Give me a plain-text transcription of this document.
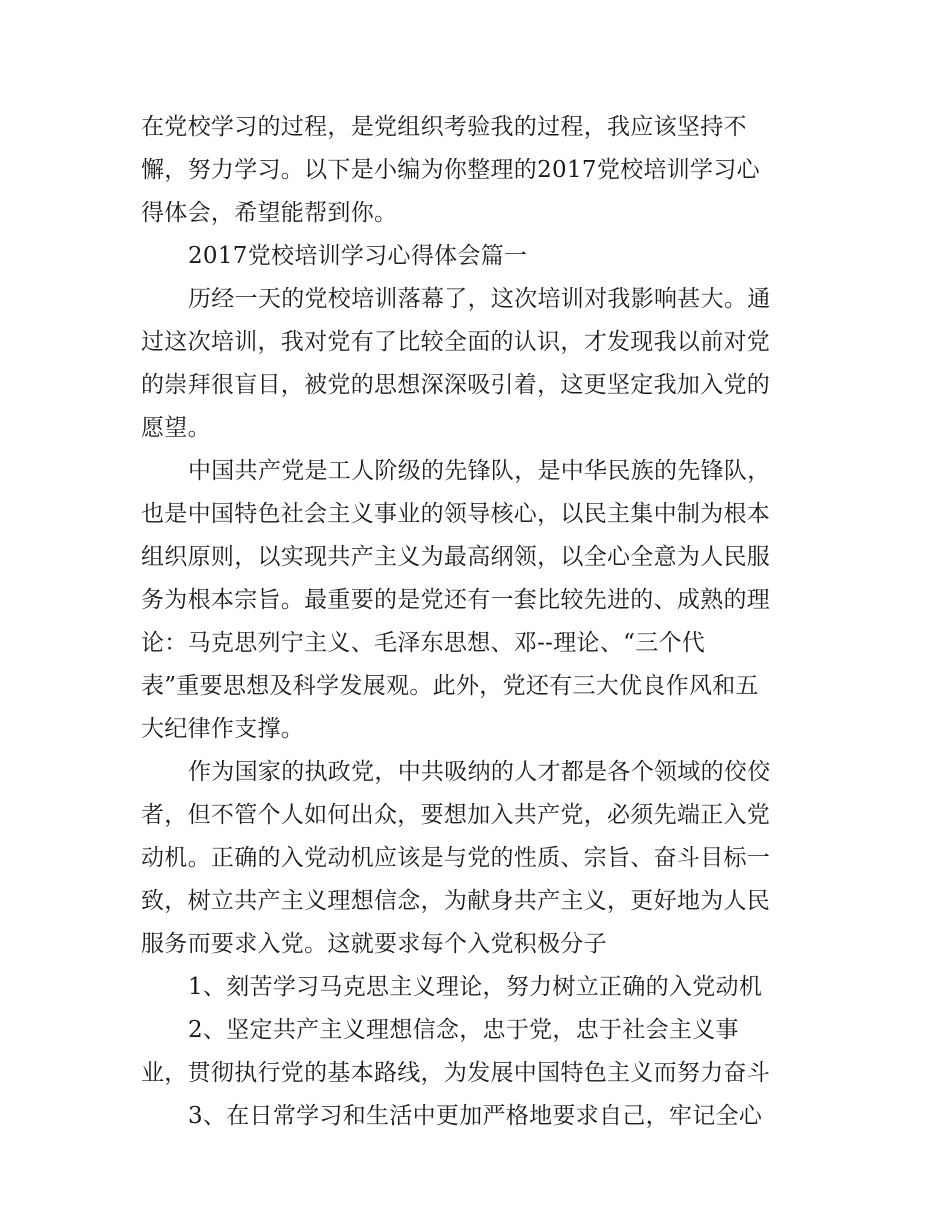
在党校学习的过程，是党组织考验我的过程，我应该坚持不

懈，努力学习。以下是小编为你整理的2017党校培训学习心

得体会，希望能帮到你。

2017党校培训学习心得体会篇一

历经一天的党校培训落幕了，这次培训对我影响甚大。通

过这次培训，我对党有了比较全面的认识，才发现我以前对党

的崇拜很盲目，被党的思想深深吸引着，这更坚定我加入党的

愿望。

中国共产党是工人阶级的先锋队，是中华民族的先锋队，

也是中国特色社会主义事业的领导核心，以民主集中制为根本

组织原则，以实现共产主义为最高纲领，以全心全意为人民服

务为根本宗旨。最重要的是党还有一套比较先进的、成熟的理

论：马克思列宁主义、毛泽东思想、邓--理论、“三个代

表”重要思想及科学发展观。此外，党还有三大优良作风和五

大纪律作支撑。

作为国家的执政党，中共吸纳的人才都是各个领域的佼佼

者，但不管个人如何出众，要想加入共产党，必须先端正入党

动机。正确的入党动机应该是与党的性质、宗旨、奋斗目标一

致，树立共产主义理想信念，为献身共产主义，更好地为人民

服务而要求入党。这就要求每个入党积极分子

1、刻苦学习马克思主义理论，努力树立正确的入党动机

2、坚定共产主义理想信念，忠于党，忠于社会主义事

业，贯彻执行党的基本路线，为发展中国特色主义而努力奋斗

3、在日常学习和生活中更加严格地要求自己，牢记全心
